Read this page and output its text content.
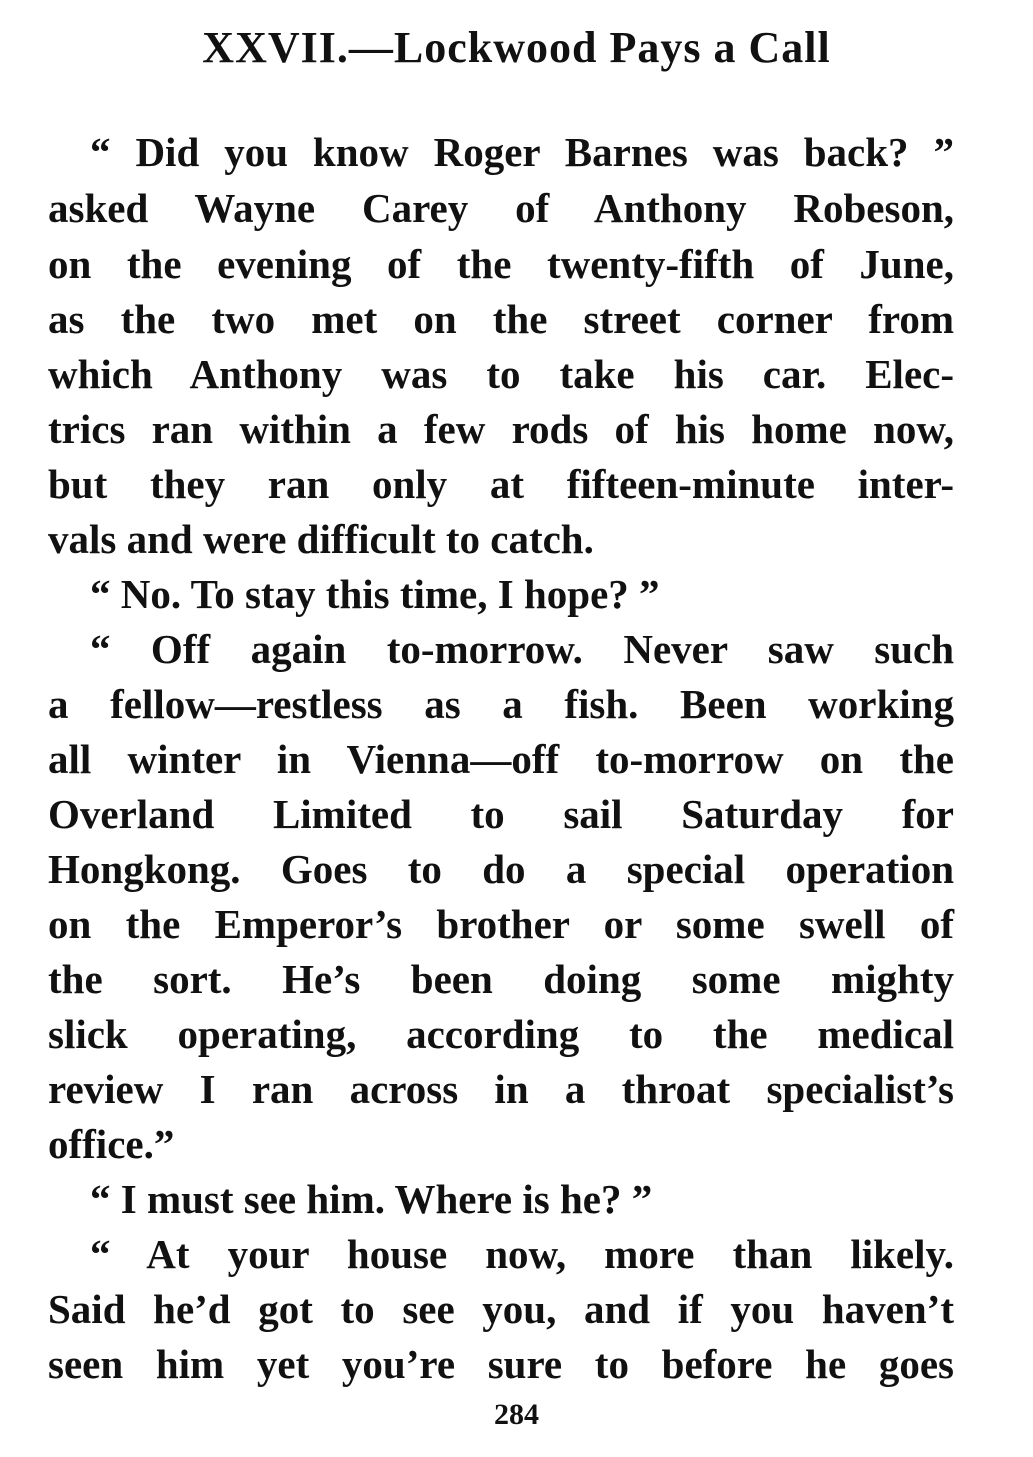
XXVII.—Lockwood Pays a Call
“ Did you know Roger Barnes was back? ”
asked Wayne Carey of Anthony Robeson,
on the evening of the twenty-fifth of June,
as the two met on the street corner from
which Anthony was to take his car. Elec-
trics ran within a few rods of his home now,
but they ran only at fifteen-minute inter-
vals and were difficult to catch.
“ No. To stay this time, I hope? ”
“ Off again to-morrow. Never saw such
a fellow—restless as a fish. Been working
all winter in Vienna—off to-morrow on the
Overland Limited to sail Saturday for
Hongkong. Goes to do a special operation
on the Emperor’s brother or some swell of
the sort. He’s been doing some mighty
slick operating, according to the medical
review I ran across in a throat specialist’s
office.”
“ I must see him. Where is he? ”
“ At your house now, more than likely.
Said he’d got to see you, and if you haven’t
seen him yet you’re sure to before he goes
284
